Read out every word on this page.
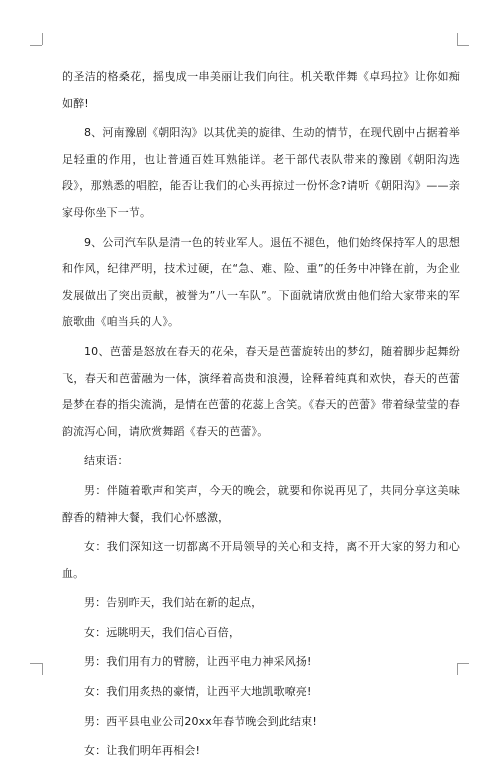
的圣洁的格桑花，摇曳成一串美丽让我们向往。机关歌伴舞《卓玛拉》让你如痴如醉!

8、河南豫剧《朝阳沟》以其优美的旋律、生动的情节，在现代剧中占据着举足轻重的作用，也让普通百姓耳熟能详。老干部代表队带来的豫剧《朝阳沟选段》，那熟悉的唱腔，能否让我们的心头再掠过一份怀念?请听《朝阳沟》——亲家母你坐下一节。

9、公司汽车队是清一色的转业军人。退伍不褪色，他们始终保持军人的思想和作风，纪律严明，技术过硬，在“急、难、险、重”的任务中冲锋在前，为企业发展做出了突出贡献，被誉为”八一车队”。下面就请欣赏由他们给大家带来的军旅歌曲《咱当兵的人》。

10、芭蕾是怒放在春天的花朵，春天是芭蕾旋转出的梦幻，随着脚步起舞纷飞，春天和芭蕾融为一体，演绎着高贵和浪漫，诠释着纯真和欢快，春天的芭蕾是梦在春的指尖流淌，是情在芭蕾的花蕊上含笑。《春天的芭蕾》带着绿莹莹的春韵流泻心间，请欣赏舞蹈《春天的芭蕾》。

结束语：

男：伴随着歌声和笑声，今天的晚会，就要和你说再见了，共同分享这美味醇香的精神大餐，我们心怀感激，

女：我们深知这一切都离不开局领导的关心和支持，离不开大家的努力和心血。

男：告别昨天，我们站在新的起点，

女：远眺明天，我们信心百倍，

男：我们用有力的臂膀，让西平电力神采风扬!

女：我们用炙热的豪情，让西平大地凯歌嘹亮!

男：西平县电业公司20xx年春节晚会到此结束!

女：让我们明年再相会!
